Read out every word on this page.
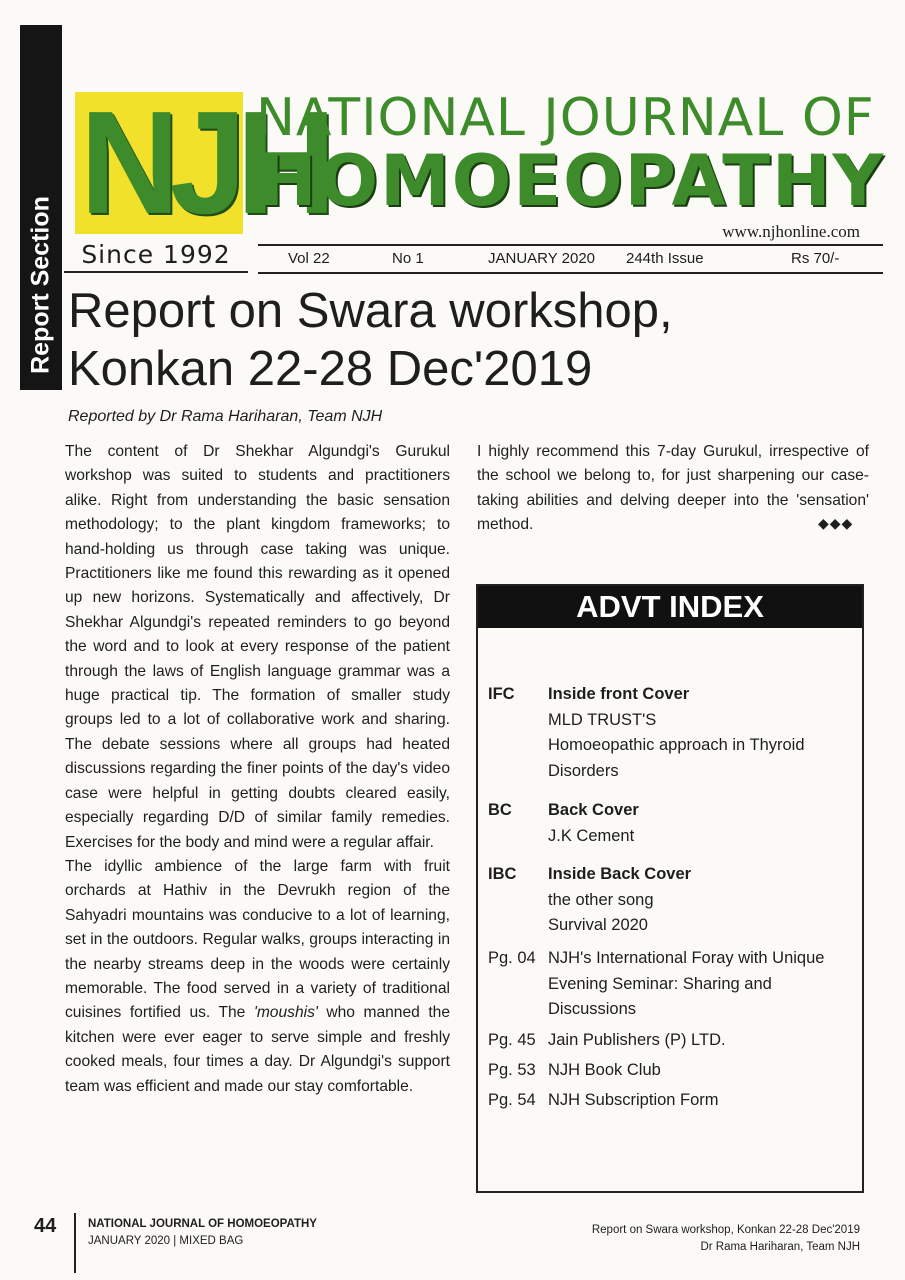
Report Section
NJH
Since 1992
NATIONAL JOURNAL OF
HOMOEOPATHY
www.njhonline.com
Vol 22	No 1	JANUARY 2020 244th Issue	Rs 70/-
Report on Swara workshop,
Konkan 22-28 Dec'2019
Reported by Dr Rama Hariharan, Team NJH

The content of Dr Shekhar Algundgi's Gurukul workshop was suited to students and practitioners alike. Right from understanding the basic sensation methodology; to the plant kingdom frameworks; to hand-holding us through case taking was unique. Practitioners like me found this rewarding as it opened up new horizons. Systematically and affectively, Dr Shekhar Algundgi's repeated reminders to go beyond the word and to look at every response of the patient through the laws of English language grammar was a huge practical tip. The formation of smaller study groups led to a lot of collaborative work and sharing. The debate sessions where all groups had heated discussions regarding the finer points of the day's video case were helpful in getting doubts cleared easily, especially regarding D/D of similar family remedies. Exercises for the body and mind were a regular affair.

The idyllic ambience of the large farm with fruit orchards at Hathiv in the Devrukh region of the Sahyadri mountains was conducive to a lot of learning, set in the outdoors. Regular walks, groups interacting in the nearby streams deep in the woods were certainly memorable. The food served in a variety of traditional cuisines fortified us. The 'moushis' who manned the kitchen were ever eager to serve simple and freshly cooked meals, four times a day. Dr Algundgi's support team was efficient and made our stay comfortable.

I highly recommend this 7-day Gurukul, irrespective of the school we belong to, for just sharpening our case-taking abilities and delving deeper into the 'sensation' method.	◆◆◆
ADVT INDEX
IFC Inside front Cover
MLD TRUST'S
Homoeopathic approach in Thyroid Disorders
BC Back Cover
J.K Cement
IBC Inside Back Cover
the other song
Survival 2020
Pg. 04 NJH's International Foray with Unique Evening Seminar: Sharing and Discussions
Pg. 45 Jain Publishers (P) LTD.
Pg. 53 NJH Book Club
Pg. 54 NJH Subscription Form
44	NATIONAL JOURNAL OF HOMOEOPATHY
JANUARY 2020 | MIXED BAG
Report on Swara workshop, Konkan 22-28 Dec'2019
Dr Rama Hariharan, Team NJH
